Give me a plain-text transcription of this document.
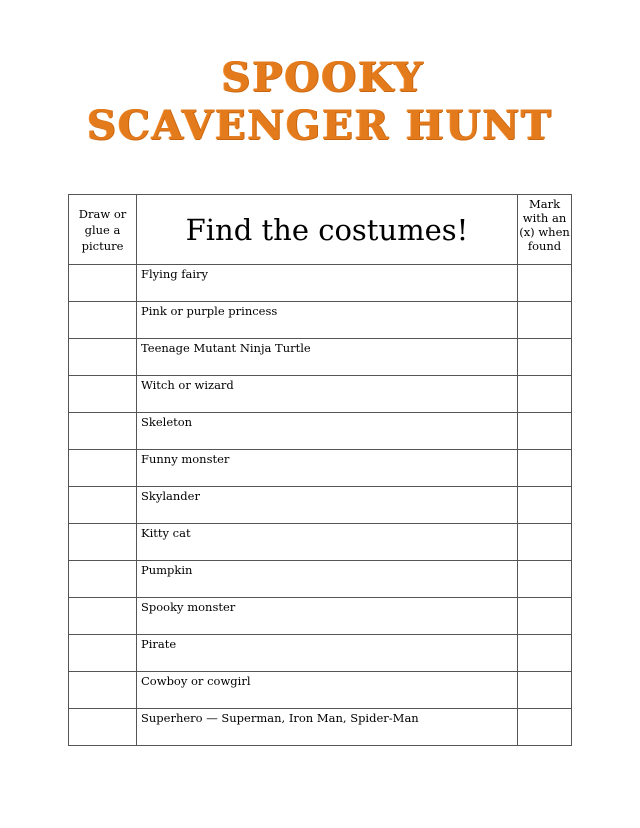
SPOOKY
SCAVENGER HUNT
Draw or glue a picture	Find the costumes!	Mark with an (x) when found
	Flying fairy	
	Pink or purple princess	
	Teenage Mutant Ninja Turtle	
	Witch or wizard	
	Skeleton	
	Funny monster	
	Skylander	
	Kitty cat	
	Pumpkin	
	Spooky monster	
	Pirate	
	Cowboy or cowgirl	
	Superhero — Superman, Iron Man, Spider-Man	
